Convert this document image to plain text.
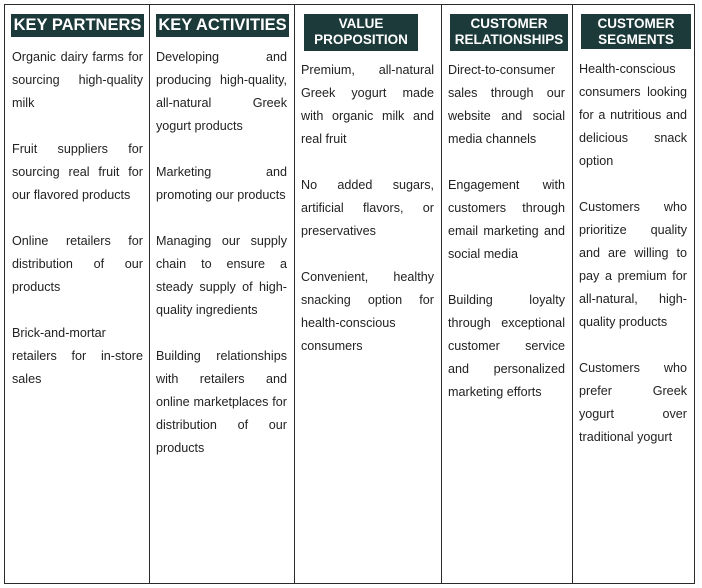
KEY PARTNERS

Organic dairy farms for sourcing high-quality milk

Fruit suppliers for sourcing real fruit for our flavored products

Online retailers for distribution of our products

Brick-and-mortar retailers for in-store sales

KEY ACTIVITIES

Developing and producing high-quality, all-natural Greek yogurt products

Marketing and promoting our products

Managing our supply chain to ensure a steady supply of high-quality ingredients

Building relationships with retailers and online marketplaces for distribution of our products

VALUE
PROPOSITION

Premium, all-natural Greek yogurt made with organic milk and real fruit

No added sugars, artificial flavors, or preservatives

Convenient, healthy snacking option for health-conscious consumers

CUSTOMER
RELATIONSHIPS

Direct-to-consumer sales through our website and social media channels

Engagement with customers through email marketing and social media

Building loyalty through exceptional customer service and personalized marketing efforts

CUSTOMER
SEGMENTS

Health-conscious consumers looking for a nutritious and delicious snack option

Customers who prioritize quality and are willing to pay a premium for all-natural, high-quality products

Customers who prefer Greek yogurt over traditional yogurt
